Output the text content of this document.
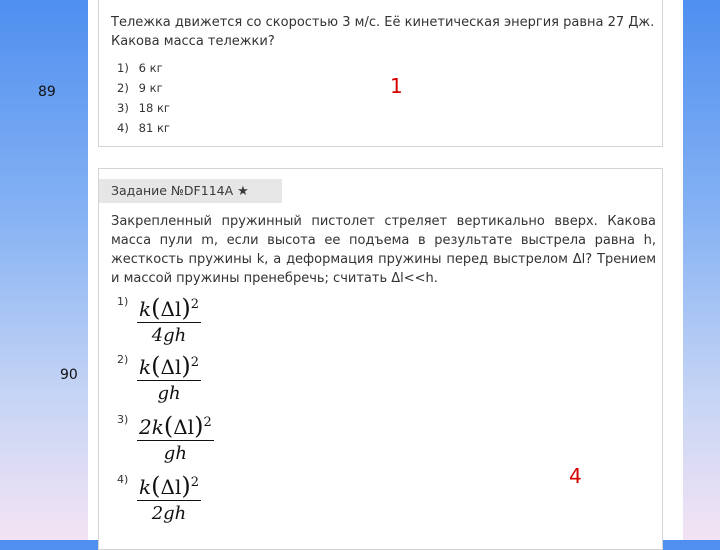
Тележка движется со скоростью 3 м/с. Её кинетическая энергия равна 27 Дж. Какова масса тележки?
1) 6 кг
2) 9 кг
3) 18 кг
4) 81 кг
Задание №DF114A ★
Закрепленный пружинный пистолет стреляет вертикально вверх. Какова масса пули m, если высота ее подъема в результате выстрела равна h, жесткость пружины k, а деформация пружины перед выстрелом Δl? Трением и массой пружины пренебречь; считать Δl<<h.
1) $k(\Delta l)^2$
4gh
2) $k(\Delta l)^2$
gh
3) $2k(\Delta l)^2$
gh
4) $k(\Delta l)^2$
2gh
89
90
1
4
